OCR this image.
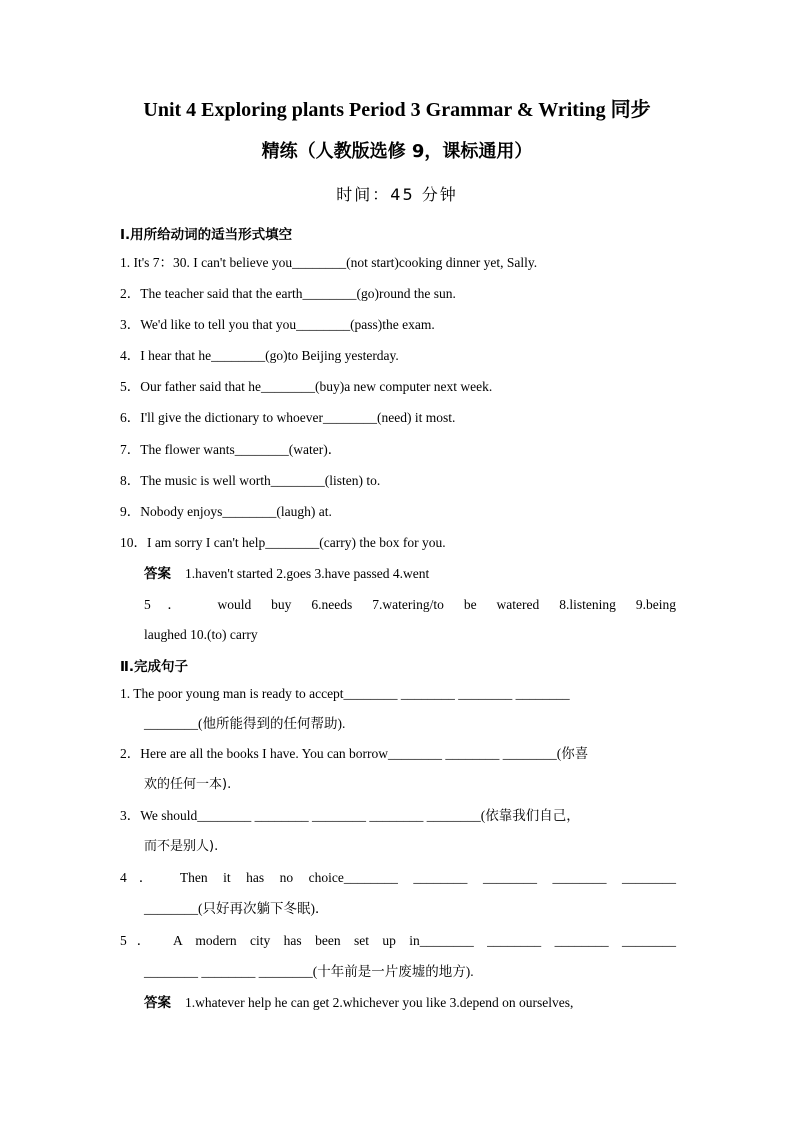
Unit 4 Exploring plants Period 3 Grammar & Writing 同步
精练（人教版选修 9，课标通用）
时间：45 分钟
Ⅰ.用所给动词的适当形式填空
1. It's 7：30. I can't believe you________(not start)cooking dinner yet, Sally.
2．The teacher said that the earth________(go)round the sun.
3．We'd like to tell you that you________(pass)the exam.
4．I hear that he________(go)to Beijing yesterday.
5．Our father said that he________(buy)a new computer next week.
6．I'll give the dictionary to whoever________(need) it most.
7．The flower wants________(water)．
8．The music is well worth________(listen) to.
9．Nobody enjoys________(laugh) at.
10．I am sorry I can't help________(carry) the box for you.
答案 1.haven't started 2.goes 3.have passed 4.went
5． would buy 6.needs 7.watering/to be watered 8.listening 9.being
laughed 10.(to) carry
Ⅱ.完成句子
1. The poor young man is ready to accept________ ________ ________ ________
________(他所能得到的任何帮助).
2．Here are all the books I have. You can borrow________ ________ ________(你喜
欢的任何一本).
3．We should________ ________ ________ ________ ________(依靠我们自己，
而不是别人).
4． Then it has no choice________ ________ ________ ________ ________
________(只好再次躺下冬眠)．
5． A modern city has been set up in________ ________ ________ ________
________ ________ ________(十年前是一片废墟的地方).
答案 1.whatever help he can get 2.whichever you like 3.depend on ourselves,
